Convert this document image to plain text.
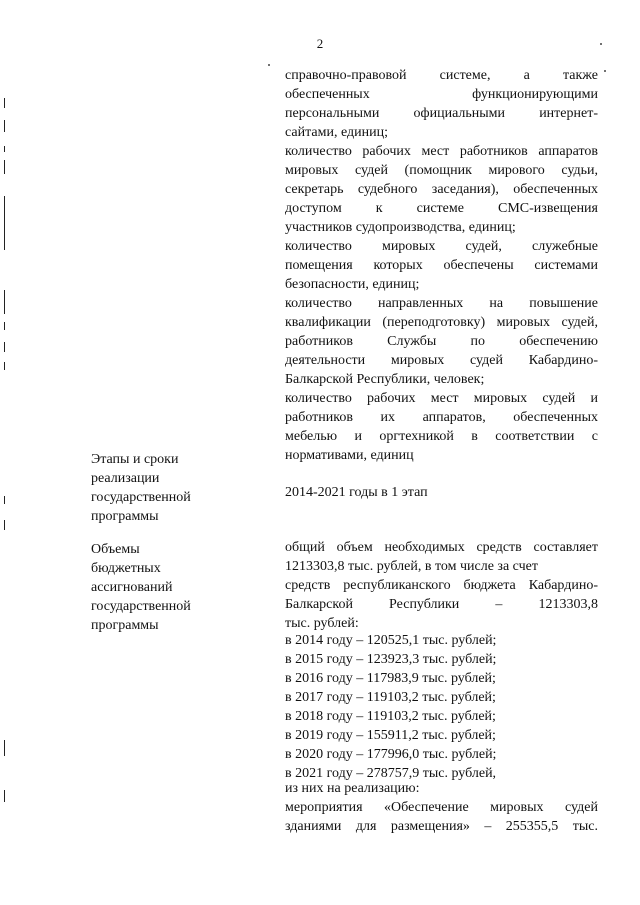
2
справочно-правовой системе, а также
обеспеченных функционирующими
персональными официальными интернет-
сайтами, единиц;
количество рабочих мест работников аппаратов
мировых судей (помощник мирового судьи,
секретарь судебного заседания), обеспеченных
доступом к системе СМС-извещения
участников судопроизводства, единиц;
количество мировых судей, служебные
помещения которых обеспечены системами
безопасности, единиц;
количество направленных на повышение
квалификации (переподготовку) мировых судей,
работников Службы по обеспечению
деятельности мировых судей Кабардино-
Балкарской Республики, человек;
количество рабочих мест мировых судей и
работников их аппаратов, обеспеченных
мебелью и оргтехникой в соответствии с
нормативами, единиц
Этапы и сроки
реализации
государственной
программы
2014-2021 годы в 1 этап
Объемы
бюджетных
ассигнований
государственной
программы
общий объем необходимых средств составляет
1213303,8 тыс. рублей, в том числе за счет
средств республиканского бюджета Кабардино-
Балкарской Республики – 1213303,8
тыс. рублей:
в 2014 году – 120525,1 тыс. рублей;
в 2015 году – 123923,3 тыс. рублей;
в 2016 году – 117983,9 тыс. рублей;
в 2017 году – 119103,2 тыс. рублей;
в 2018 году – 119103,2 тыс. рублей;
в 2019 году – 155911,2 тыс. рублей;
в 2020 году – 177996,0 тыс. рублей;
в 2021 году – 278757,9 тыс. рублей,
из них на реализацию:
мероприятия «Обеспечение мировых судей
зданиями для размещения» – 255355,5 тыс.
